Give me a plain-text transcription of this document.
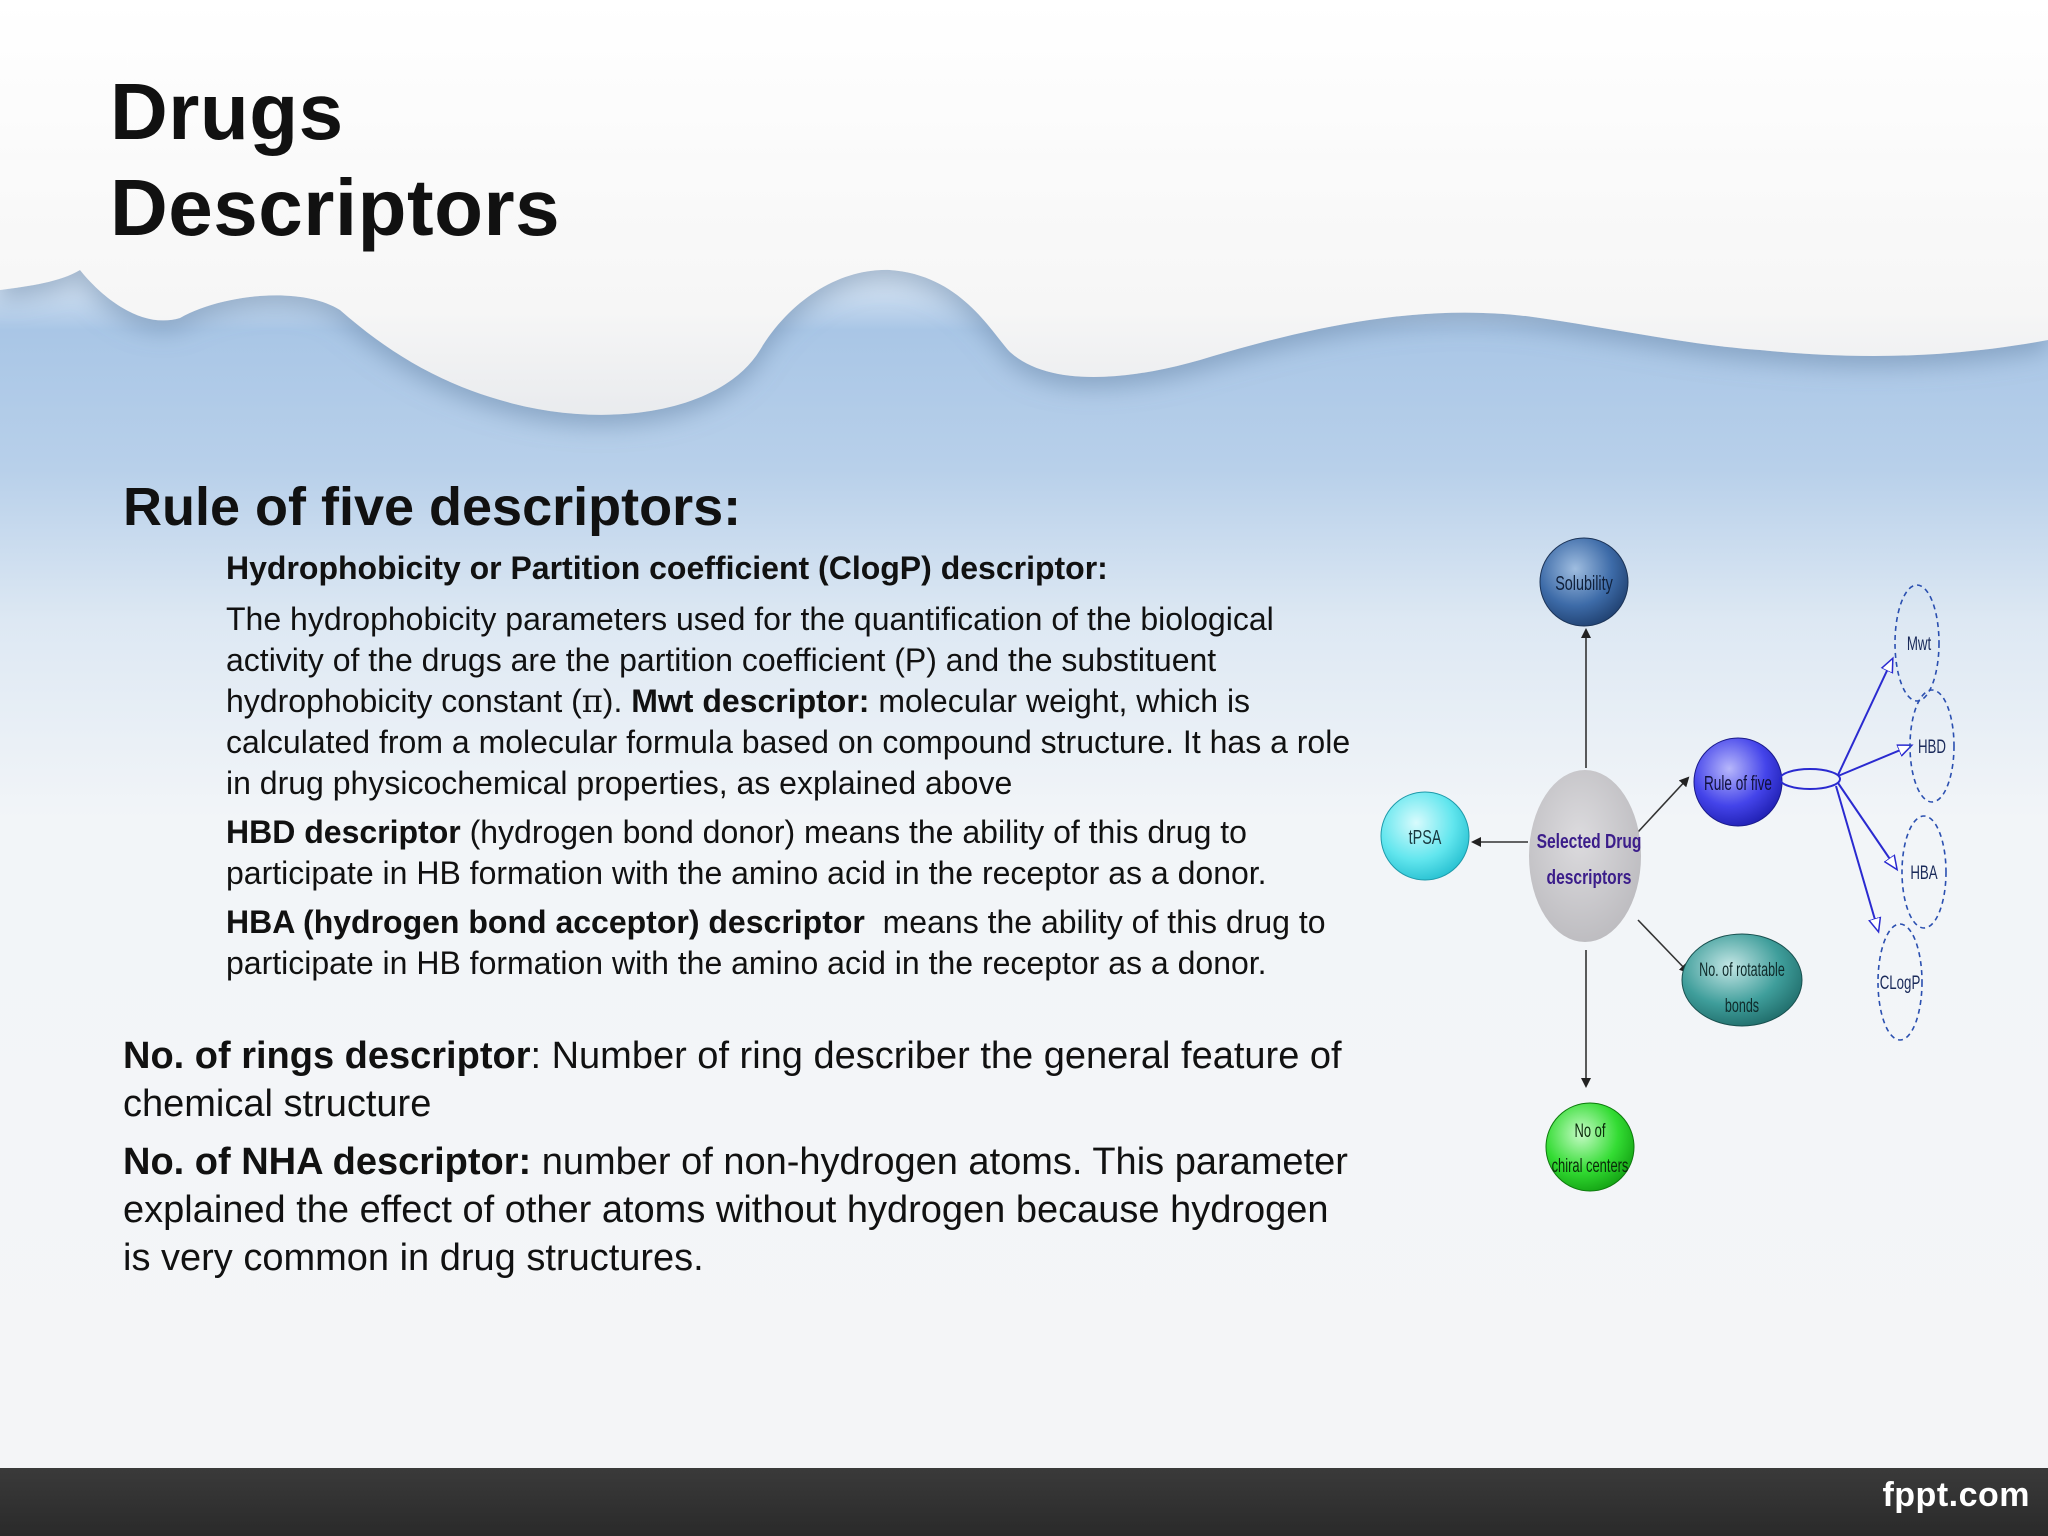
Drugs
Descriptors
Rule of five descriptors:

Hydrophobicity or Partition coefficient (ClogP) descriptor:

The hydrophobicity parameters used for the quantification of the biological activity of the drugs are the partition coefficient (P) and the substituent hydrophobicity constant (π). Mwt descriptor: molecular weight, which is calculated from a molecular formula based on compound structure. It has a role in drug physicochemical properties, as explained above

HBD descriptor (hydrogen bond donor) means the ability of this drug to participate in HB formation with the amino acid in the receptor as a donor.

HBA (hydrogen bond acceptor) descriptor  means the ability of this drug to participate in HB formation with the amino acid in the receptor as a donor.

No. of rings descriptor: Number of ring describer the general feature of chemical structure

No. of NHA descriptor: number of non-hydrogen atoms. This parameter explained the effect of other atoms without hydrogen because hydrogen is very common in drug structures.

Selected Drug
descriptors
Solubility
tPSA
Rule of five
Mwt
HBD
HBA
CLogP
No. of rotatable
bonds
No of
chiral centers
fppt.com
